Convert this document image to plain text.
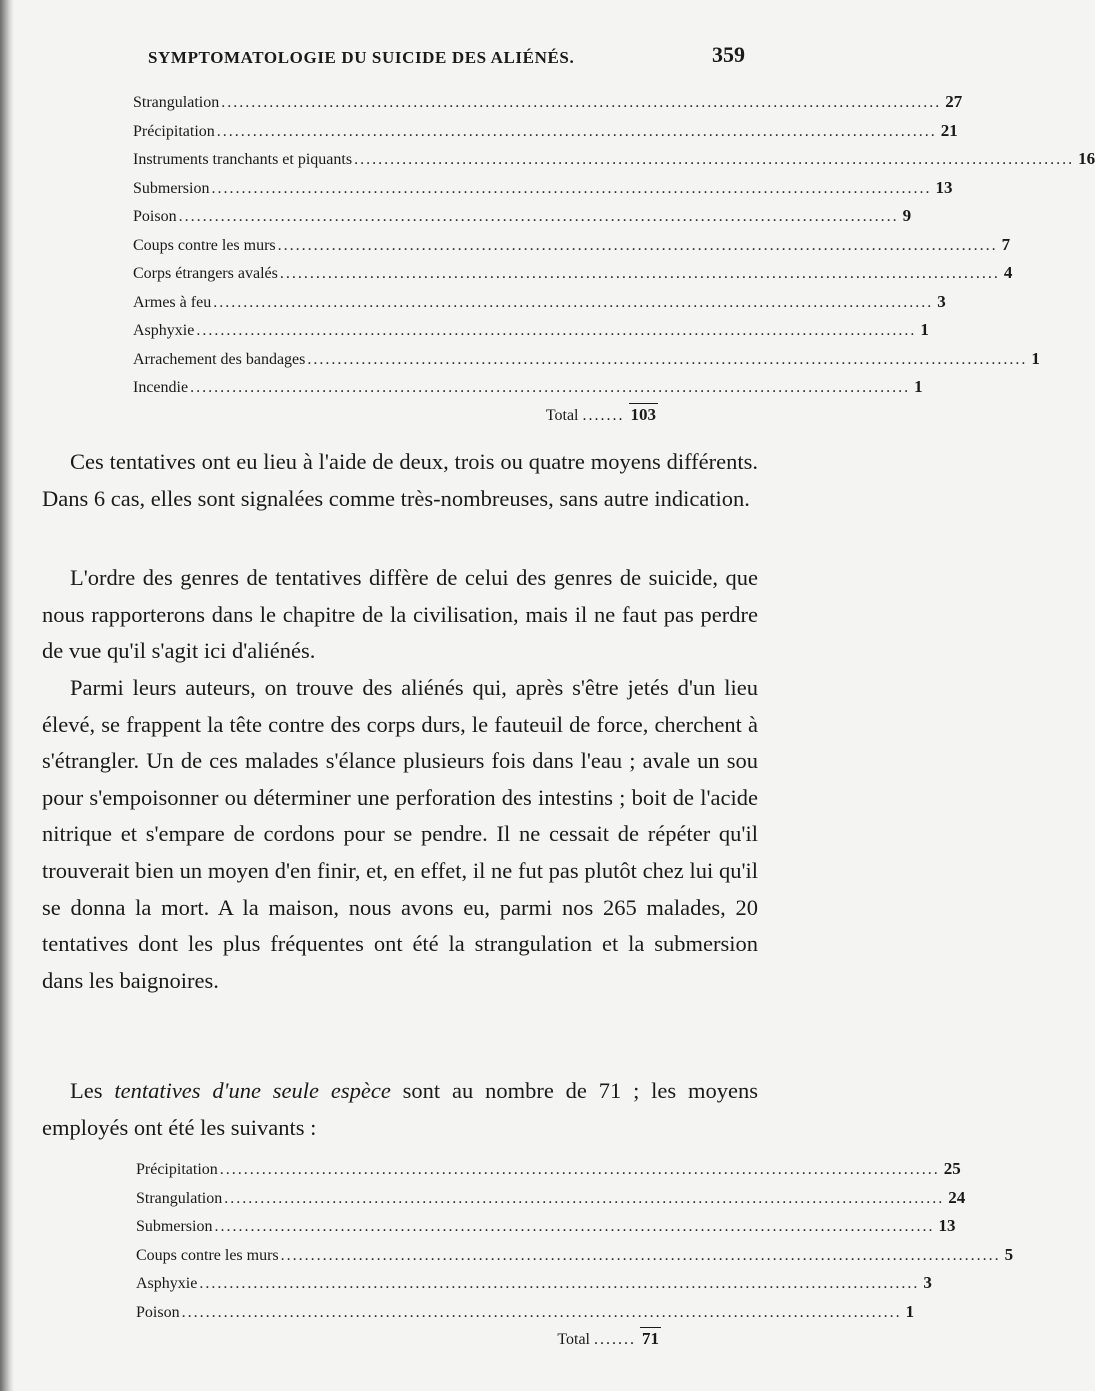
SYMPTOMATOLOGIE DU SUICIDE DES ALIÉNÉS.	359
Strangulation ........................................................................................................................ 27
Précipitation ........................................................................................................................ 21
Instruments tranchants et piquants ........................................................................................................................ 16
Submersion ........................................................................................................................ 13
Poison ........................................................................................................................ 9
Coups contre les murs ........................................................................................................................ 7
Corps étrangers avalés ........................................................................................................................ 4
Armes à feu ........................................................................................................................ 3
Asphyxie ........................................................................................................................ 1
Arrachement des bandages ........................................................................................................................ 1
Incendie ........................................................................................................................ 1
Total ....... 103

Ces tentatives ont eu lieu à l'aide de deux, trois ou quatre moyens différents. Dans 6 cas, elles sont signalées comme très-nombreuses, sans autre indication.

L'ordre des genres de tentatives diffère de celui des genres de suicide, que nous rapporterons dans le chapitre de la civilisation, mais il ne faut pas perdre de vue qu'il s'agit ici d'aliénés.

Parmi leurs auteurs, on trouve des aliénés qui, après s'être jetés d'un lieu élevé, se frappent la tête contre des corps durs, le fauteuil de force, cherchent à s'étrangler. Un de ces malades s'élance plusieurs fois dans l'eau ; avale un sou pour s'empoisonner ou déterminer une perforation des intestins ; boit de l'acide nitrique et s'empare de cordons pour se pendre. Il ne cessait de répéter qu'il trouverait bien un moyen d'en finir, et, en effet, il ne fut pas plutôt chez lui qu'il se donna la mort. A la maison, nous avons eu, parmi nos 265 malades, 20 tentatives dont les plus fréquentes ont été la strangulation et la submersion dans les baignoires.

Les tentatives d'une seule espèce sont au nombre de 71 ; les moyens employés ont été les suivants :

Précipitation ........................................................................................................................ 25
Strangulation ........................................................................................................................ 24
Submersion ........................................................................................................................ 13
Coups contre les murs ........................................................................................................................ 5
Asphyxie ........................................................................................................................ 3
Poison ........................................................................................................................ 1
Total ....... 71
